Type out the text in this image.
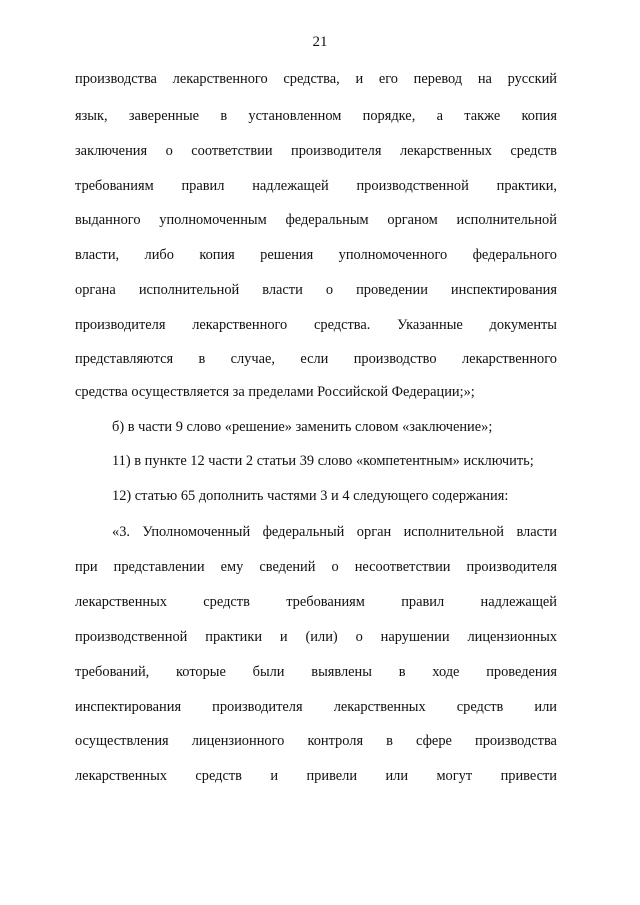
21
производства лекарственного средства, и его перевод на русский
язык, заверенные в установленном порядке, а также копия
заключения о соответствии производителя лекарственных средств
требованиям правил надлежащей производственной практики,
выданного уполномоченным федеральным органом исполнительной
власти, либо копия решения уполномоченного федерального
органа исполнительной власти о проведении инспектирования
производителя лекарственного средства. Указанные документы
представляются в случае, если производство лекарственного
средства осуществляется за пределами Российской Федерации;»;
б) в части 9 слово «решение» заменить словом «заключение»;
11) в пункте 12 части 2 статьи 39 слово «компетентным» исключить;
12) статью 65 дополнить частями 3 и 4 следующего содержания:
«3. Уполномоченный федеральный орган исполнительной власти
при представлении ему сведений о несоответствии производителя
лекарственных	средств	требованиям	правил	надлежащей
производственной практики и (или) о нарушении лицензионных
требований, которые были выявлены в ходе проведения
инспектирования производителя лекарственных средств или
осуществления лицензионного контроля в сфере производства
лекарственных средств и привели или могут привести
